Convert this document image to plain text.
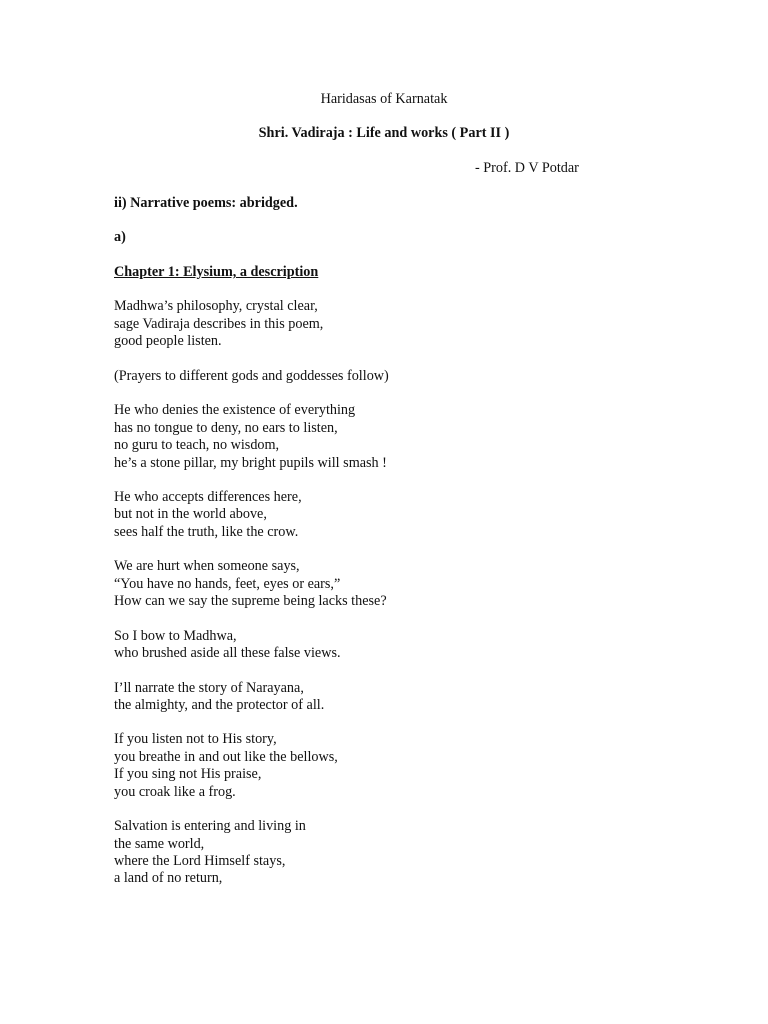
Haridasas of Karnatak
Shri. Vadiraja : Life and works ( Part II )
- Prof. D V Potdar
ii) Narrative poems: abridged.
a)
Chapter 1: Elysium, a description
Madhwa’s philosophy, crystal clear,
sage Vadiraja describes in this poem,
good people listen.
(Prayers to different gods and goddesses follow)
He who denies the existence of everything
has no tongue to deny, no ears to listen,
no guru to teach, no wisdom,
he’s a stone pillar, my bright pupils will smash !
He who accepts differences here,
but not in the world above,
sees half the truth, like the crow.
We are hurt when someone says,
“You have no hands, feet, eyes or ears,”
How can we say the supreme being lacks these?
So I bow to Madhwa,
who brushed aside all these false views.
I’ll narrate the story of Narayana,
the almighty, and the protector of all.
If you listen not to His story,
you breathe in and out like the bellows,
If you sing not His praise,
you croak like a frog.
Salvation is entering and living in
the same world,
where the Lord Himself stays,
a land of no return,
